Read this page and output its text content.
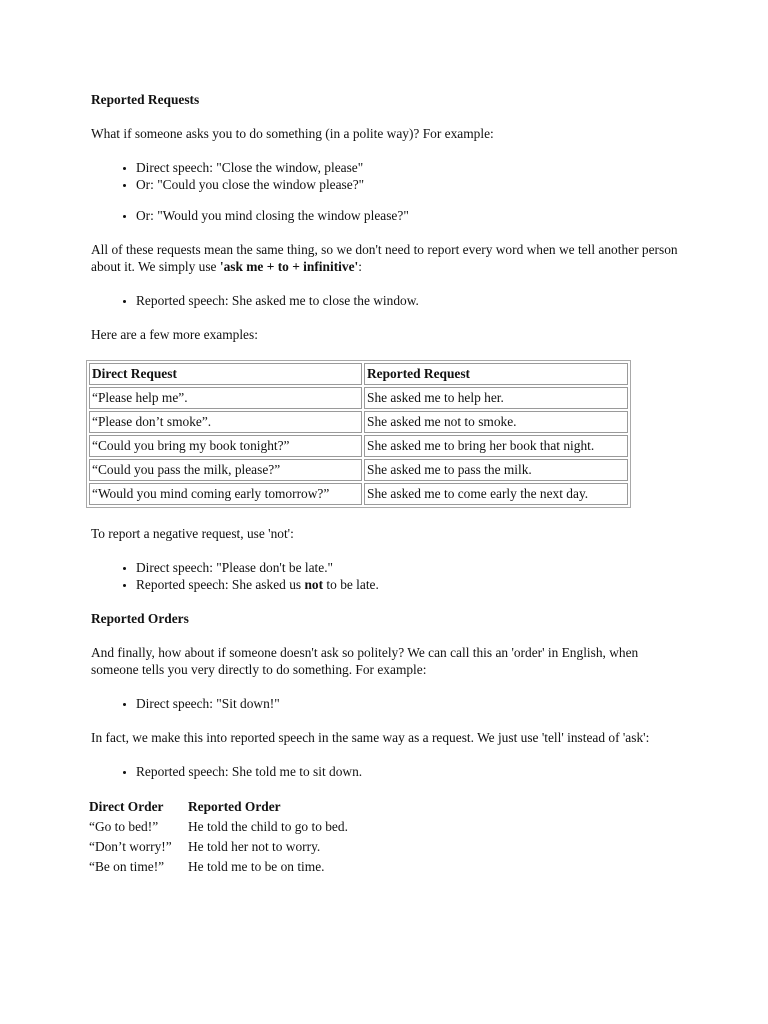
Reported Requests

What if someone asks you to do something (in a polite way)? For example:

• Direct speech: "Close the window, please"
• Or: "Could you close the window please?"
• Or: "Would you mind closing the window please?"

All of these requests mean the same thing, so we don't need to report every word when we tell another person about it. We simply use 'ask me + to + infinitive':

• Reported speech: She asked me to close the window.

Here are a few more examples:

Direct Request	Reported Request
“Please help me”.	She asked me to help her.
“Please don’t smoke”.	She asked me not to smoke.
“Could you bring my book tonight?”	She asked me to bring her book that night.
“Could you pass the milk, please?”	She asked me to pass the milk.
“Would you mind coming early tomorrow?”	She asked me to come early the next day.

To report a negative request, use 'not':

• Direct speech: "Please don't be late."
• Reported speech: She asked us not to be late.

Reported Orders

And finally, how about if someone doesn't ask so politely? We can call this an 'order' in English, when someone tells you very directly to do something. For example:

• Direct speech: "Sit down!"

In fact, we make this into reported speech in the same way as a request. We just use 'tell' instead of 'ask':

• Reported speech: She told me to sit down.
Direct Order	Reported Order
“Go to bed!”	He told the child to go to bed.
“Don’t worry!”	He told her not to worry.
“Be on time!”	He told me to be on time.
